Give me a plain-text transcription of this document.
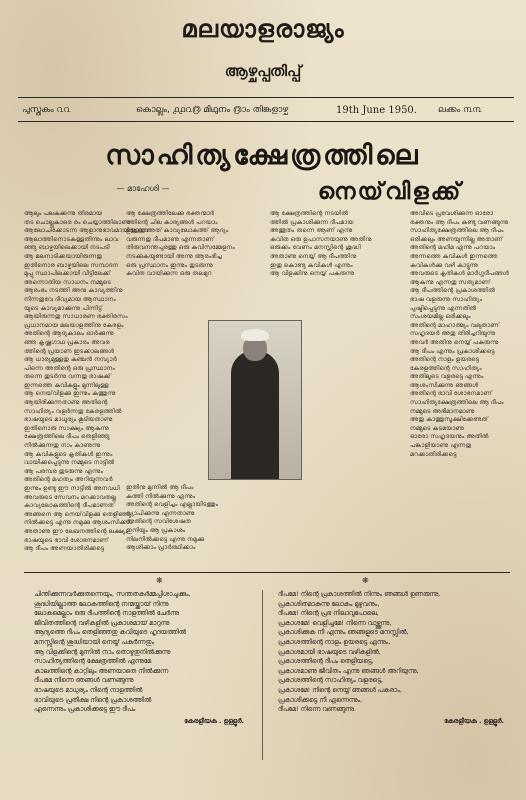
മലയാളരാജ്യം
ആഴ്ചപ്പതിപ്പ്
പുസ്തകം ൨൨	കൊല്ലം, ൧൧൨൫ മിഥുനം ൫ാം തിങ്കളാഴ്ച	19th June 1950. ലക്കം ൩൩
സാഹിത്യക്ഷേത്രത്തിലെ
— മാഹേശി —	നെയ്‌വിളക്ക്
ആലും പലകുക്കന്നു തിരമായ
തട ചൊല്ലുകാരെ രം ചെയ്യാത്തിലാണു
ആലോചിക്കോടന്ന ആളാനുഭാവമായിനു ഒരു
ആലാത്തിനൊടകള്ളതിന്നും ലാവ
ഞ്ഞു ബാഴ്ചയിലെക്കായി നടപടി
ആ മലനാടിക്കയായിരുന്നതു
ഇതിനൊര ബാഴ്ചയിലെ സമ്പാദന
മുപ്പു സ്ഥാപിലക്കായി വീട്ടിലേക്ക്
അന്നൊതിയ സാധനം നമ്മുടെ
ആരംഭം നടത്തി അനു കാവ്യത്തിനു
നിന്നതുവേ ദിവ്യമായ ആസ്ഥാനം
യുടെ കാവ്യമാക്കുന്നു പിന്നിട്ട്
ആയിരുന്നതു സാധാരണ ഭക്തിരസം
പ്രധാനമായ മലയാളത്തിനു കേരളം
അതിന്റെ ആദ്യകാലം ഓർക്കുന്നു
ഞ്ഞ കൃഷ്ണഗാഥ പ്രകാരം അവര
ത്തിന്റെ പ്രയാണ ഇടക്കാലങ്ങൾ
ആ ധാര്യമുള്ളതു കുഞ്ചൻ നമ്പ്യാർ
പിന്നെ അതിന്റെ ഒരു പ്രസ്ഥാനം
തന്നെ തുടർന്നു വന്നതു ഭാഷക്ക്
ഇന്നത്തെ കവികളും മുന്നിലുള്ള
ആ നെയ്‌വിളക്കു ഇന്നും കത്തുന്നു
ആയിരിക്കുന്നതാണു അതിന്റെ
സാഹിത്യം വളർന്നതു കേരളത്തിൽ
ഭാഷയുടെ മാധുര്യം കൂടിയതാണു
ഇതിനൊരു സാക്ഷ്യം ആകുന്നു
ക്ഷേത്രത്തിലെ ദീപം തെളിഞ്ഞു
നിൽക്കുന്നതു നാം കാണുന്നു
ആ കവികളുടെ കൃതികൾ ഇന്നും
വായിക്കപ്പെടുന്നു നമ്മുടെ നാട്ടിൽ
ആ പരമ്പര തുടരുന്നു എന്നും
അതിന്റെ മഹത്വം അറിയുന്നവർ
ഇന്നും ഉണ്ടു ഈ നാട്ടിൽ അനവധി
അവരുടെ സേവനം മറക്കാവതല്ല
കാവ്യലോകത്തിന്റെ ദീപമാണത്
അങ്ങനെ ആ നെയ്‌വിളക്കു തെളിഞ്ഞു
നിൽക്കട്ടെ എന്നു നമുക്കു ആശംസിക്കാം
അതാണു ഈ ലേഖനത്തിന്റെ ലക്ഷ്യം
ഭാഷയുടെ ഭാവി ശോഭനമാണ്
ആ ദീപം അണയാതിരിക്കട്ടെ
ആ ക്ഷേത്രത്തിലേക്കു ഭക്തന്മാർ
ത്തിന്റെ ചില കാര്യങ്ങൾ പറയാം
ഉള്ളതു അത് കാവ്യലോകത്ത് ആദ്യം
വരുന്നതു ദീപമാണു എന്നതാണ്
തിരുവനന്തപുരത്തു ഒരു കവിസമ്മേളനം
നടക്കുകയുണ്ടായി അന്നു ആരംഭിച്ച
ഒരു പ്രസ്ഥാനം ഇന്നും തുടരുന്നു
കവിത വായിക്കുന്ന ഒരു തലമുറ
ആ ക്ഷേത്രത്തിന്റെ നടയിൽ
ത്തിൽ പ്രകാശിക്കുന്ന ദീപമായ
അത്ഭുതം തന്നെ ആണ് എന്നു
കവിത ഒരു ഉപാസനയാണു അതിനു
ഒരുക്കം വേണം മനസ്സിന്റെ ശുദ്ധി
അതാണു നെയ്യ് ആ ദീപത്തിനു
ഇതു കൊണ്ടു കവികൾ എന്നും
ആ വിളക്കിനു നെയ്യ് പകരുന്നു
അവിടെ പ്രവേശിക്കുന്ന ഓരോ
ഭക്തനും ആ ദീപം കണ്ടു വണങ്ങുന്നു
സാഹിത്യക്ഷേത്രത്തിലെ ആ ദീപം
ഒരിക്കലും അണയുന്നില്ല അതാണ്
അതിന്റെ മഹിമ എന്നു പറയാം
അന്നത്തെ കവികൾ ഇന്നത്തെ
കവികൾക്കു വഴി കാട്ടുന്നു
അവരുടെ കൃതികൾ മാർഗ്ഗദീപങ്ങൾ
ആകുന്നു എന്നതു സത്യമാണ്
ആ ദീപത്തിന്റെ പ്രകാശത്തിൽ
ഭാഷ വളരുന്നു സാഹിത്യം
പുഷ്ടിപ്പെടുന്നു എന്നതിൽ
സംശയമില്ല ഒരിക്കലും
അതിന്റെ മാഹാത്മ്യം വലുതാണ്
സഹൃദയർ അതു തിരിച്ചറിയുന്നു
അവർ അതിനു നെയ്യ് പകരുന്നു
ആ ദീപം എന്നും പ്രകാശിക്കട്ടെ
അതിന്റെ നാളം ഉയരട്ടെ
കേരളത്തിന്റെ സാഹിത്യം
അതിലൂടെ വളരട്ടെ എന്നും
ആശംസിക്കുന്നു ഞങ്ങൾ
അതിന്റെ ഭാവി ശോഭനമാണ്
സാഹിത്യക്ഷേത്രത്തിലെ ആ ദീപം
നമ്മുടെ അഭിമാനമാണു
അതു കാത്തുസൂക്ഷിക്കേണ്ടത്
നമ്മുടെ കടമയാണു
ഓരോ സഹൃദയനും അതിൽ
പങ്കാളിയാണു എന്നതു
മറക്കാതിരിക്കട്ടെ
ഇതിനു മുന്നിൽ ആ ദീപം
കത്തി നിൽക്കുന്നു എന്നും
അതിന്റെ വെളിച്ചം എല്ലായിടത്തും
വ്യാപിക്കുന്നു എന്നതാണു
അതിന്റെ സവിശേഷത
ഇനിയും ആ പ്രകാശം
നിലനിൽക്കട്ടെ എന്നു നമുക്കു
ആശിക്കാം പ്രാർത്ഥിക്കാം
❋	❋
ചിന്തിക്കുന്നവർക്കുതന്നെയും, സന്തതകർമ്മപ്പിശാചുക്കും,
ശുദ്ധിയില്ലാത്ത ലോകത്തിന്റെ നന്മയ്ക്കായ് നിന്നു
ലോകമെല്ലാം ഒരു ദീപത്തിന്റെ നാളത്തിൽ ചേർന്നു
ജീവിതത്തിന്റെ വഴികളിൽ പ്രകാശമായ് മാറുന്നു
ആദ്യത്തെ ദീപം തെളിഞ്ഞതു കവിയുടെ ഹൃദയത്തിൽ
മനസ്സിന്റെ ശുദ്ധിയായി നെയ്യ് പകർന്നതും
ആ വിളക്കിന്റെ മുന്നിൽ നാം തൊഴുതുനിൽക്കുന്നു
സാഹിത്യത്തിന്റെ ക്ഷേത്രത്തിൽ എന്നുമേ
കാലത്തിന്റെ കാറ്റിലും അണയാതെ നിൽക്കുന്ന
ദീപമേ നിന്നെ ഞങ്ങൾ വണങ്ങുന്നു
ഭാഷയുടെ മാധുര്യം നിന്റെ നാളത്തിൽ
ഭാവിയുടെ പ്രതീക്ഷ നിന്റെ പ്രകാശത്തിൽ
എന്നെന്നും പ്രകാശിക്കട്ടെ ഈ ദീപം
കേരളീയക . ഉള്ളൂർ.
ദീപമേ! നിന്റെ പ്രകാശത്തിൽ നിന്നും ഞങ്ങൾ ഉണരുന്നു,
പ്രകാശിതമാകുന്നു ലോകം മുഴുവനും,
ദീപമേ! നിന്റെ പ്രഭ നിലാവുപോലെ,
പ്രകാശമേ! വെളിച്ചമേ! നിന്നെ വാഴ്ത്തുന്നു,
പ്രകാശിക്കുക നീ എന്നും ഞങ്ങളുടെ മനസ്സിൽ,
പ്രകാശത്തിന്റെ നാളം ഉയരട്ടെ എന്നും,
പ്രകാശമായി ഭാഷയുടെ വഴികളിൽ,
പ്രകാശത്തിന്റെ ദീപം തെളിയട്ടെ,
പ്രകാശമാണു ജീവിതം എന്നു ഞങ്ങൾ അറിയുന്നു,
പ്രകാശത്തിന്റെ സാഹിത്യം വളരട്ടെ,
പ്രകാശമേ! നിന്റെ നെയ്യ് ഞങ്ങൾ പകരാം,
പ്രകാശിക്കട്ടെ നീ എന്നെന്നും,
ദീപമേ! നിന്നെ വണങ്ങുന്നു.
കേരളീയക . ഉള്ളൂർ.
